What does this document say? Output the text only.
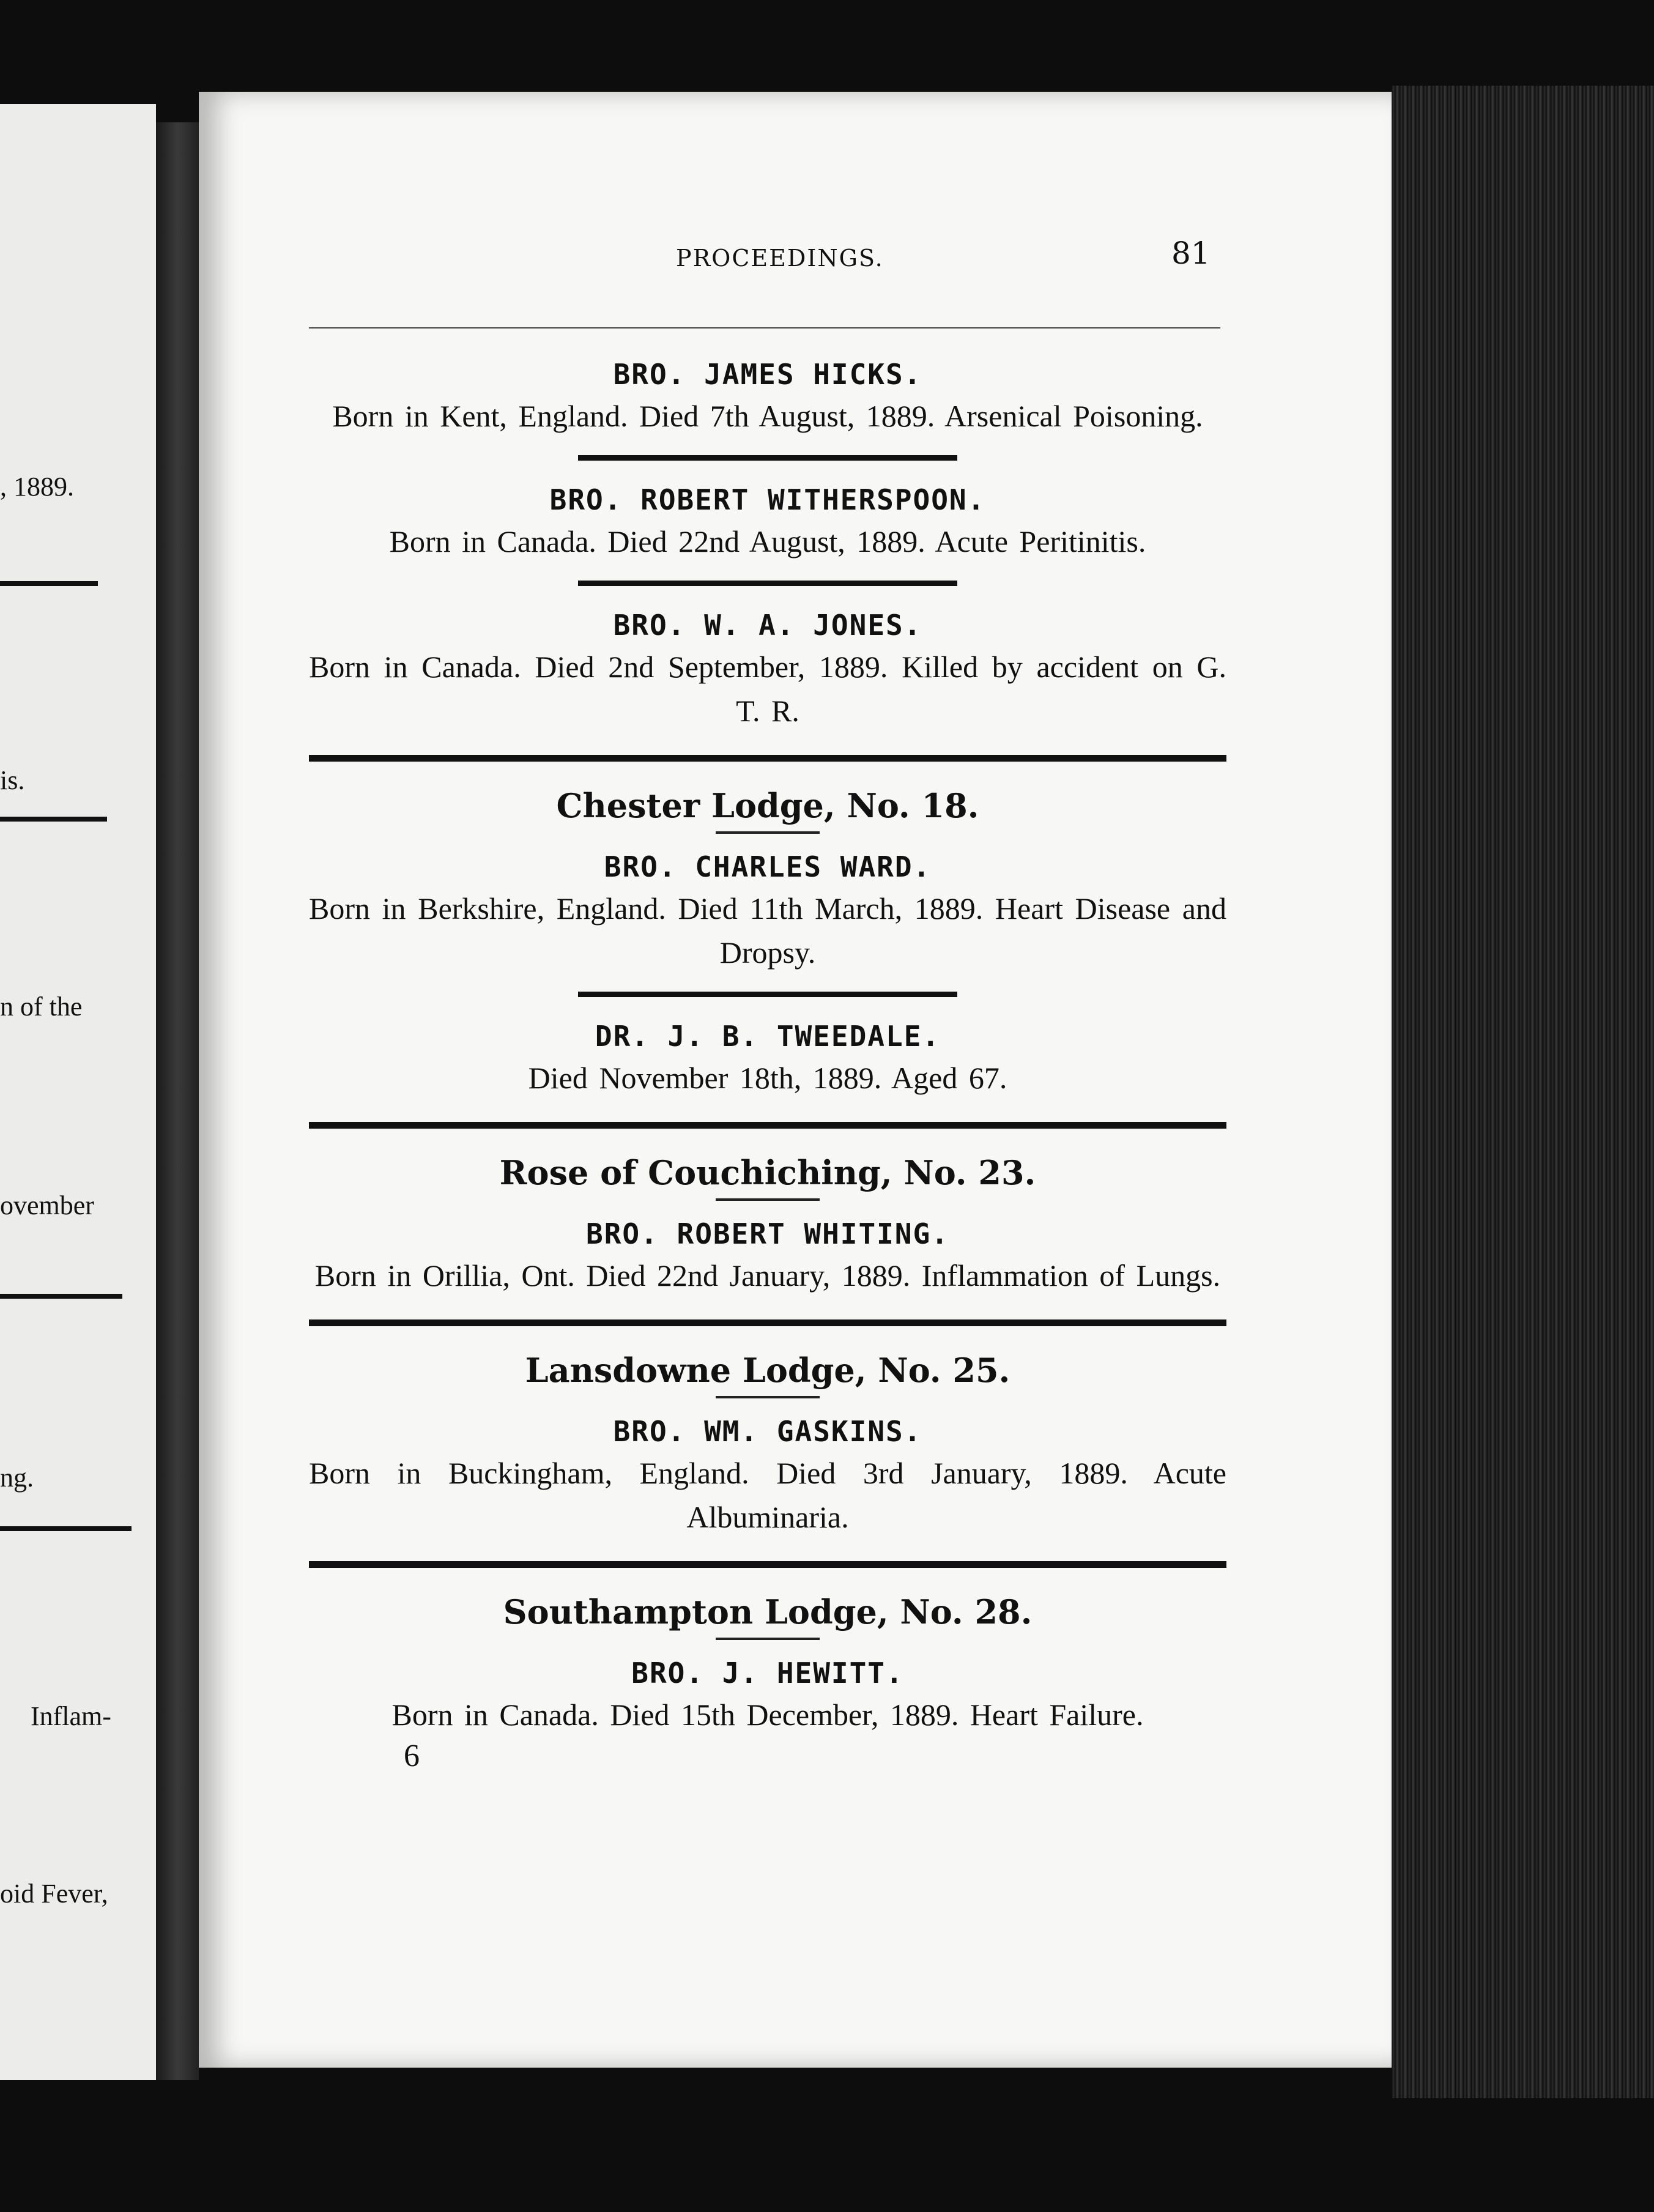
, 1889.
is.
n of the
ovember
ng.
Inflam-
oid Fever,
PROCEEDINGS.	81

BRO. JAMES HICKS.

Born in Kent, England. Died 7th August, 1889. Arsenical Poisoning.

BRO. ROBERT WITHERSPOON.

Born in Canada. Died 22nd August, 1889. Acute Peritinitis.

BRO. W. A. JONES.

Born in Canada. Died 2nd September, 1889. Killed by accident on G. T. R.

Chester Lodge, No. 18.

BRO. CHARLES WARD.

Born in Berkshire, England. Died 11th March, 1889. Heart Disease and Dropsy.

DR. J. B. TWEEDALE.

Died November 18th, 1889. Aged 67.

Rose of Couchiching, No. 23.

BRO. ROBERT WHITING.

Born in Orillia, Ont. Died 22nd January, 1889. Inflammation of Lungs.

Lansdowne Lodge, No. 25.

BRO. WM. GASKINS.

Born in Buckingham, England. Died 3rd January, 1889. Acute Albuminaria.

Southampton Lodge, No. 28.

BRO. J. HEWITT.

Born in Canada. Died 15th December, 1889. Heart Failure.

6
